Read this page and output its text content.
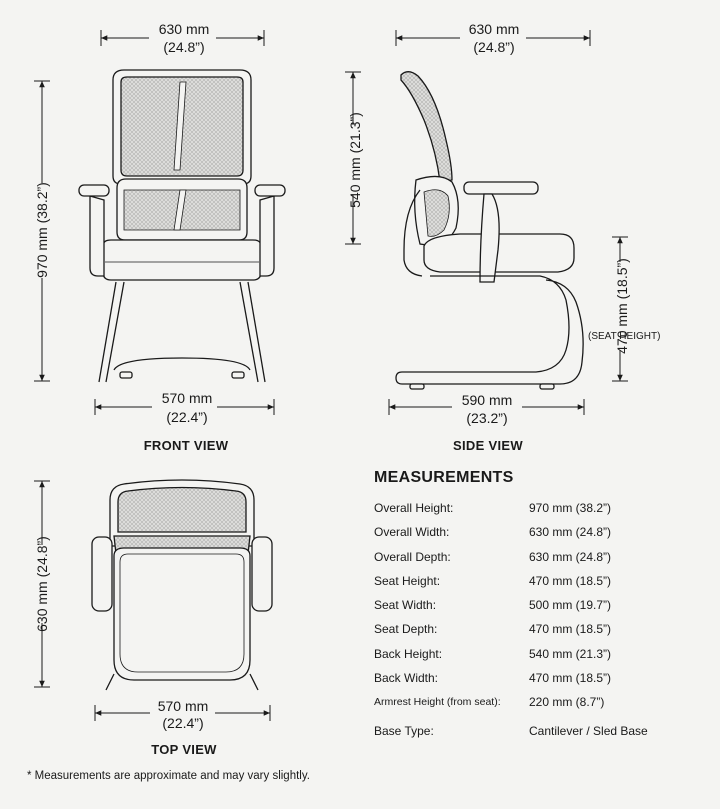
630 mm
(24.8”)
970 mm (38.2”)
570 mm
(22.4”)
FRONT VIEW
630 mm
(24.8”)
540 mm (21.3”)
470 mm (18.5”)
(SEAT HEIGHT)
590 mm
(23.2”)
SIDE VIEW
630 mm (24.8”)
570 mm
(22.4”)
TOP VIEW
MEASUREMENTS
Overall Height:	970 mm (38.2”)
Overall Width:	630 mm (24.8”)
Overall Depth:	630 mm (24.8”)
Seat Height:	470 mm (18.5”)
Seat Width:	500 mm (19.7”)
Seat Depth:	470 mm (18.5”)
Back Height:	540 mm (21.3”)
Back Width:	470 mm (18.5”)
Armrest Height (from seat): 220 mm (8.7”)
Base Type:	Cantilever / Sled Base
* Measurements are approximate and may vary slightly.
